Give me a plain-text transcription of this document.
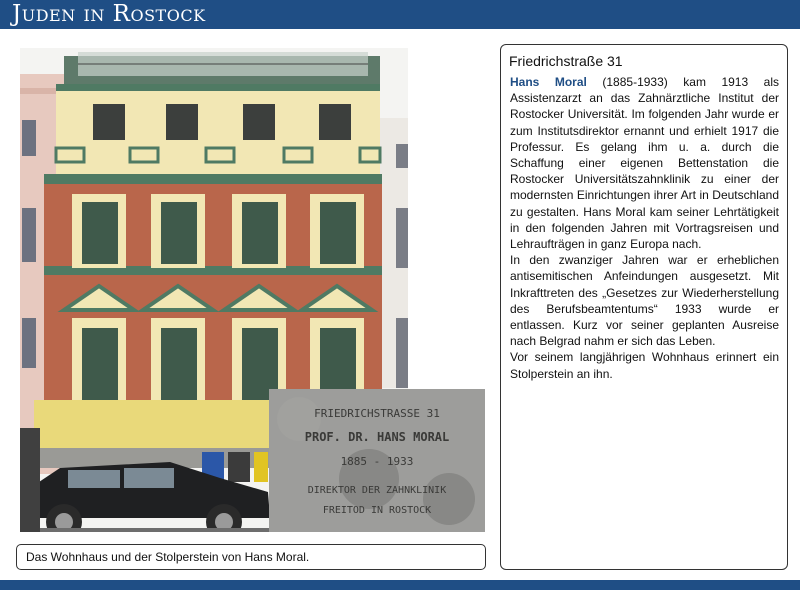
Juden in Rostock
FRIEDRICHSTRASSE 31
PROF. DR. HANS MORAL
1885 - 1933
DIREKTOR DER ZAHNKLINIK
FREITOD IN ROSTOCK
Das Wohnhaus und der Stolperstein von Hans Moral.
Friedrichstraße 31

Hans Moral (1885-1933) kam 1913 als Assistenzarzt an das Zahnärztliche Institut der Rostocker Universität. Im folgenden Jahr wurde er zum Institutsdirektor ernannt und erhielt 1917 die Professur. Es gelang ihm u. a. durch die Schaffung einer eigenen Bettenstation die Rostocker Universitätszahnklinik zu einer der modernsten Einrichtungen ihrer Art in Deutschland zu gestalten. Hans Moral kam seiner Lehrtätigkeit in den folgenden Jahren mit Vortragsreisen und Lehraufträgen in ganz Europa nach.

In den zwanziger Jahren war er erheblichen antisemitischen Anfeindungen ausgesetzt. Mit Inkrafttreten des „Gesetzes zur Wiederherstellung des Berufsbeamtentums“ 1933 wurde er entlassen. Kurz vor seiner geplanten Ausreise nach Belgrad nahm er sich das Leben.

Vor seinem langjährigen Wohnhaus erinnert ein Stolperstein an ihn.
